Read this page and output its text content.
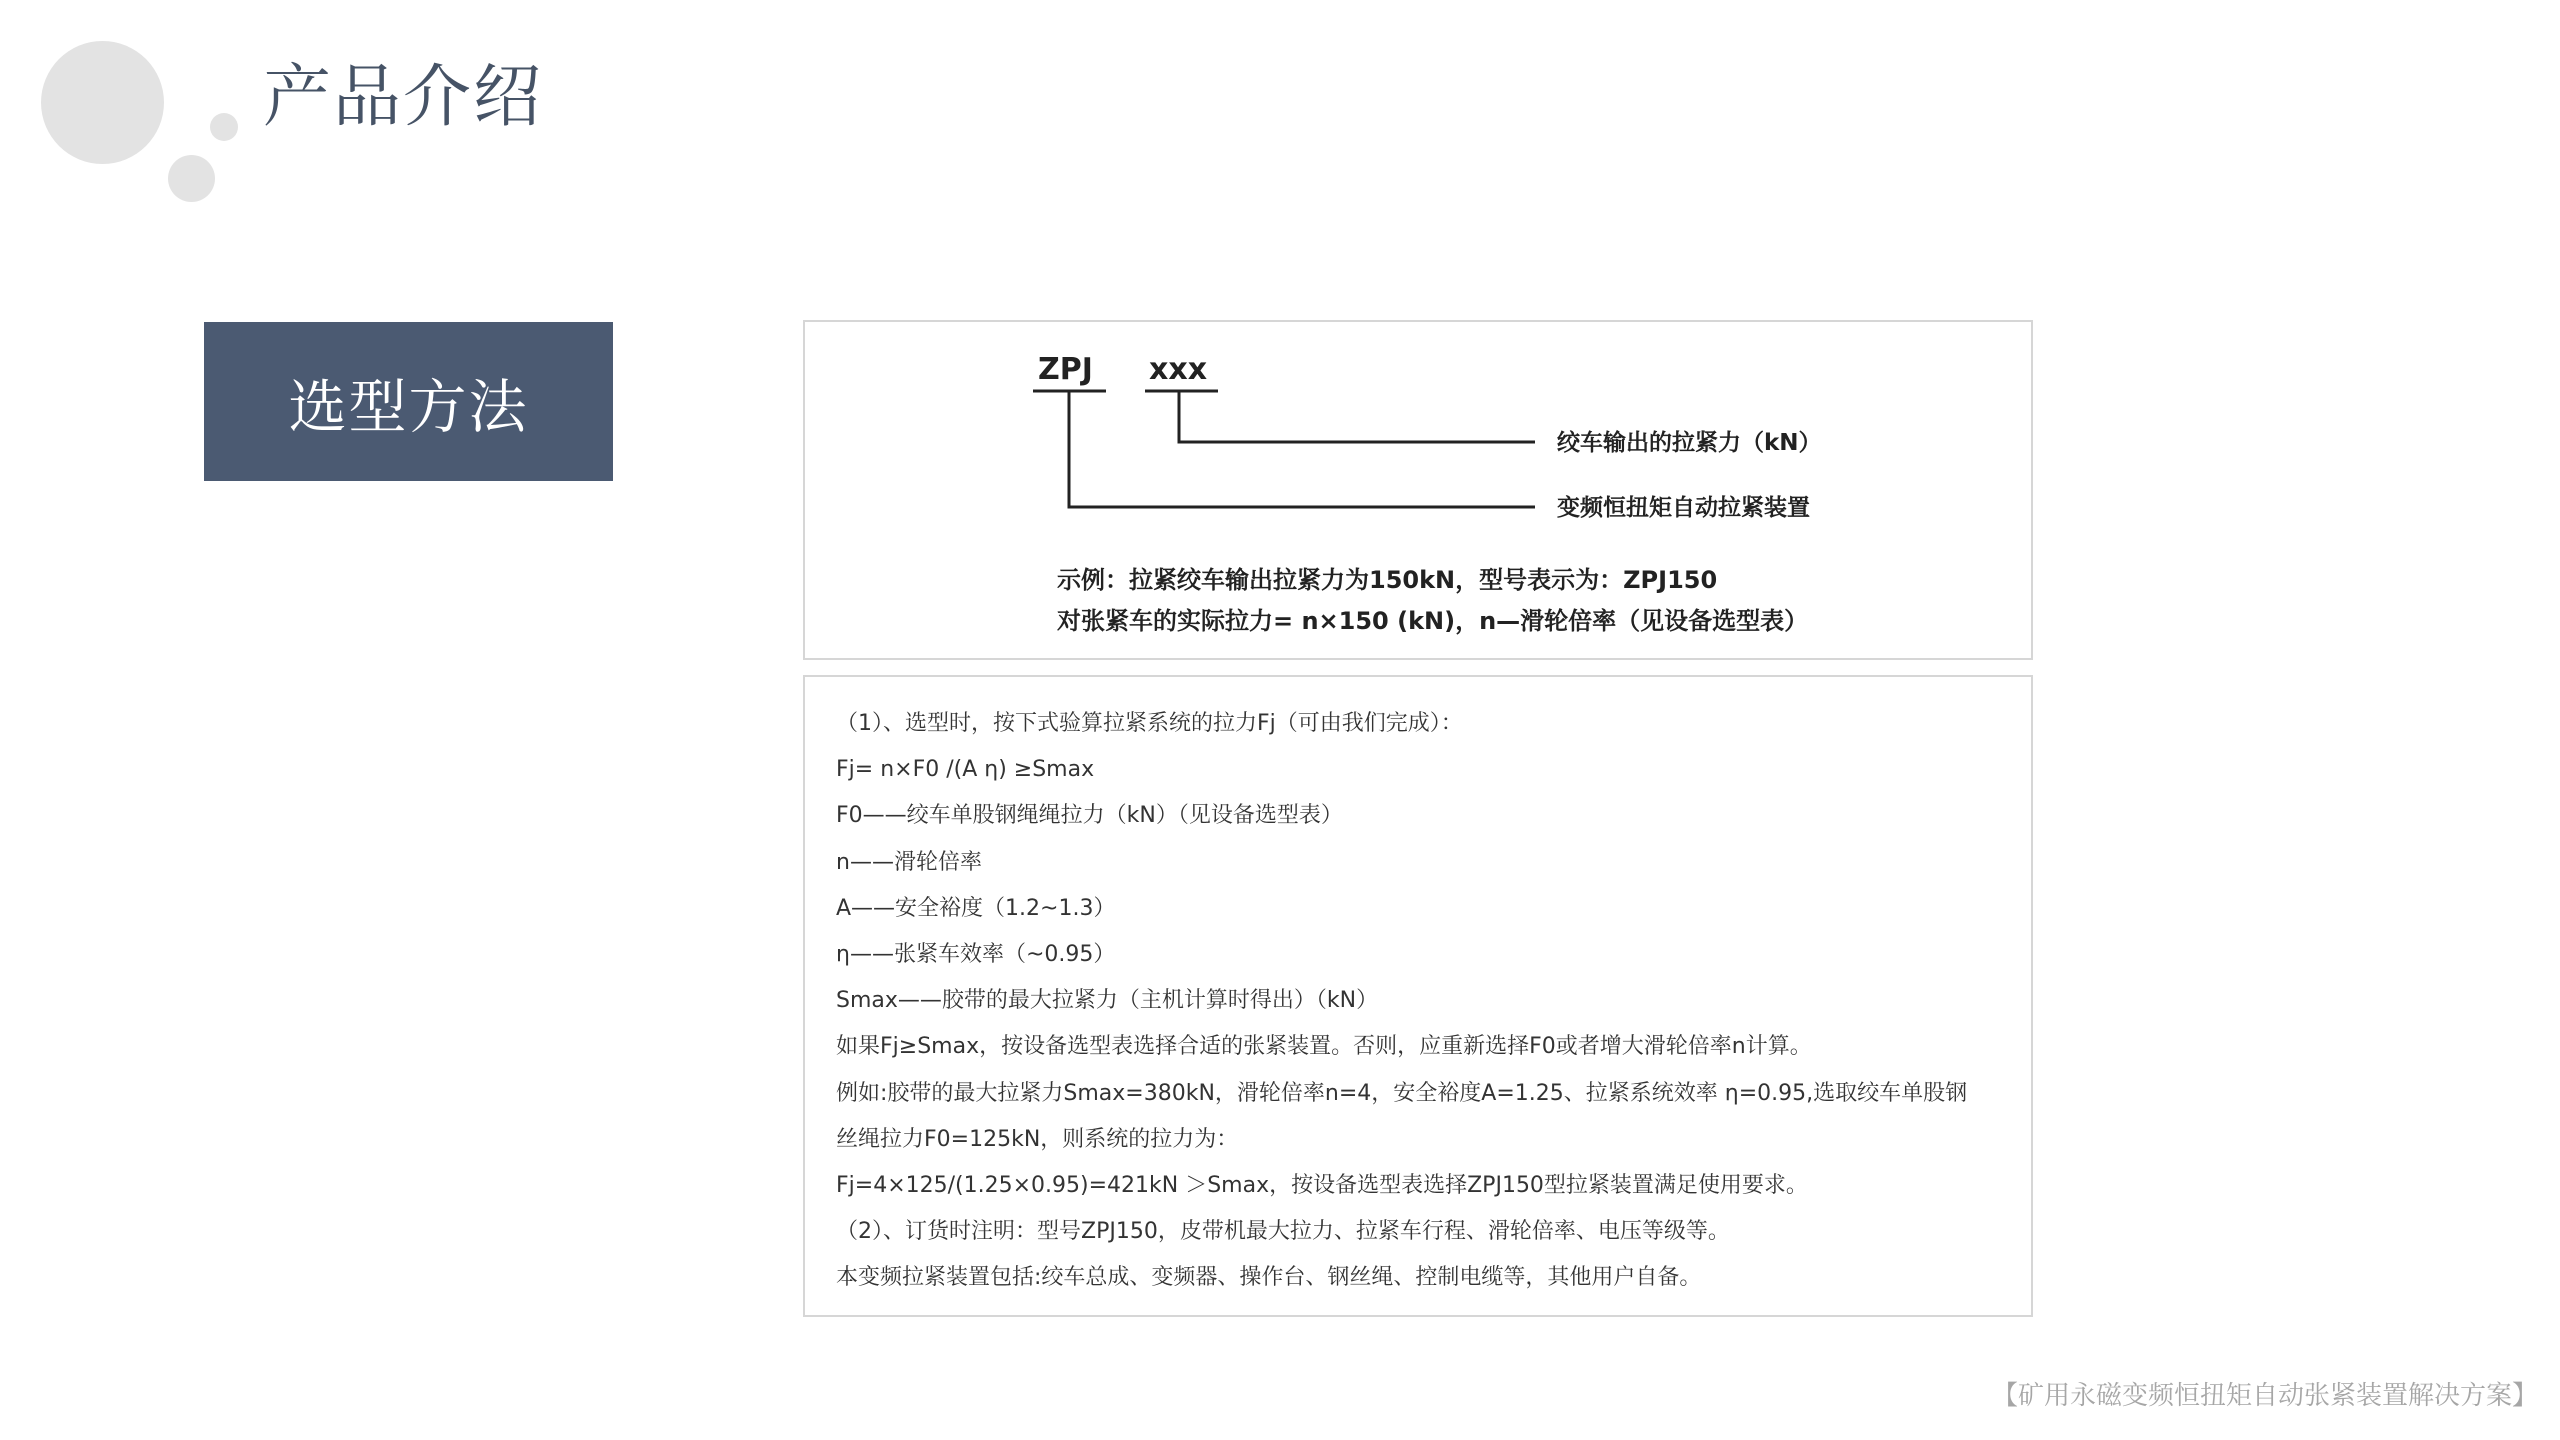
产品介绍
选型方法
ZPJ xxx
绞车输出的拉紧力（kN）
变频恒扭矩自动拉紧装置
示例：拉紧绞车输出拉紧力为150kN，型号表示为：ZPJ150
对张紧车的实际拉力= n×150 (kN)，n—滑轮倍率（见设备选型表）
（1）、选型时，按下式验算拉紧系统的拉力Fj（可由我们完成）：
Fj= n×F0 /(A η) ≥Smax
F0——绞车单股钢绳绳拉力（kN）（见设备选型表）
n——滑轮倍率
A——安全裕度（1.2~1.3）
η——张紧车效率（~0.95）
Smax——胶带的最大拉紧力（主机计算时得出）（kN）
如果Fj≥Smax，按设备选型表选择合适的张紧装置。否则，应重新选择F0或者增大滑轮倍率n计算。
例如:胶带的最大拉紧力Smax=380kN，滑轮倍率n=4，安全裕度A=1.25、拉紧系统效率 η=0.95,选取绞车单股钢
丝绳拉力F0=125kN，则系统的拉力为：
Fj=4×125/(1.25×0.95)=421kN ＞Smax，按设备选型表选择ZPJ150型拉紧装置满足使用要求。
（2）、订货时注明：型号ZPJ150，皮带机最大拉力、拉紧车行程、滑轮倍率、电压等级等。
本变频拉紧装置包括:绞车总成、变频器、操作台、钢丝绳、控制电缆等，其他用户自备。
【矿用永磁变频恒扭矩自动张紧装置解决方案】
